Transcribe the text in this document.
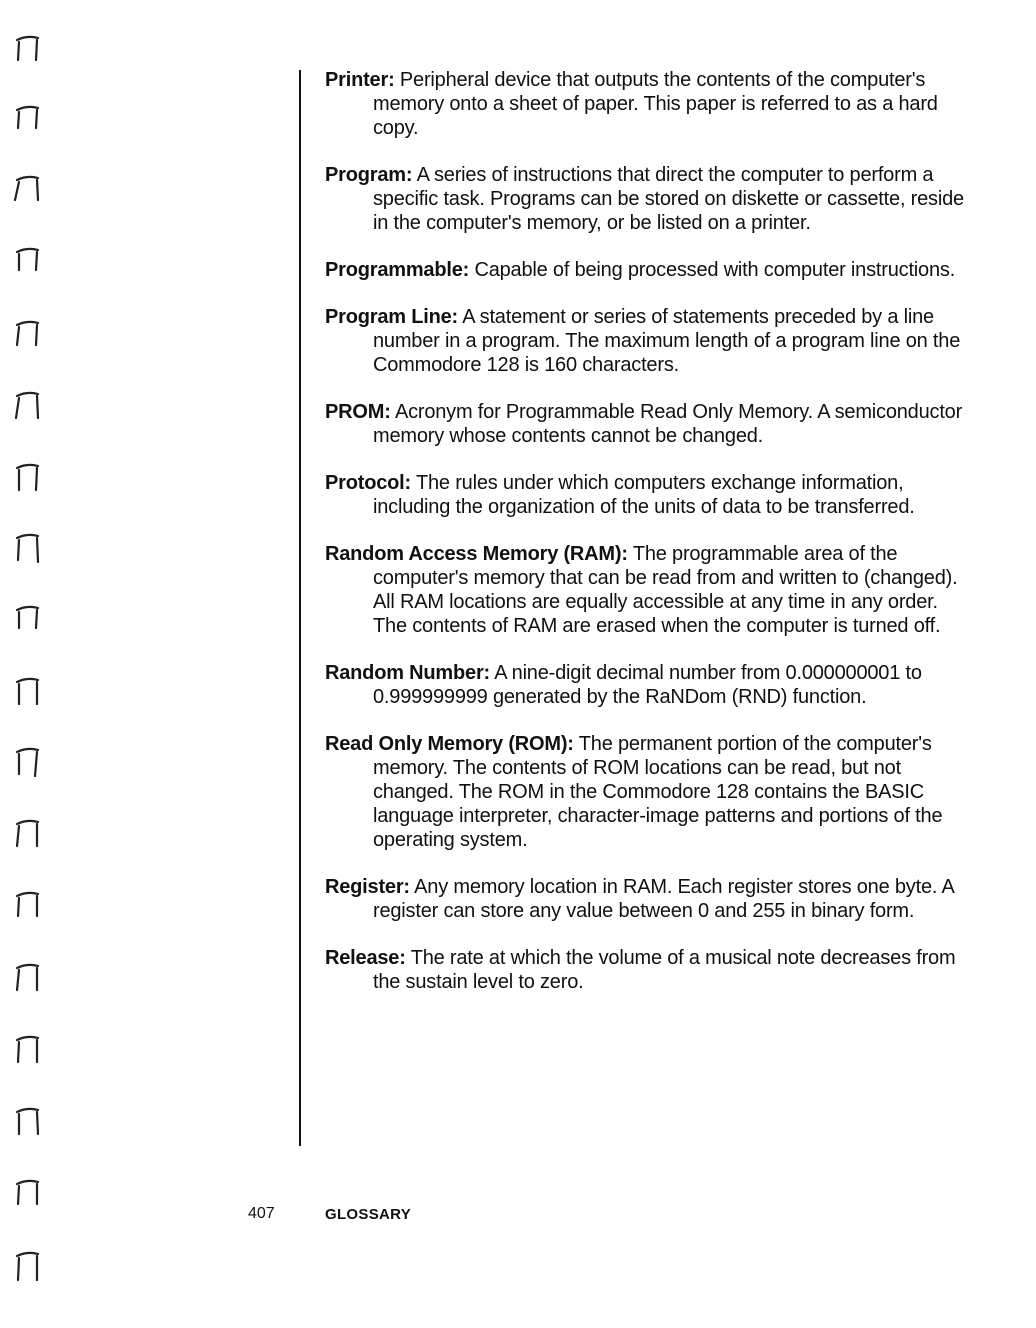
Printer: Peripheral device that outputs the contents of the computer's memory onto a sheet of paper. This paper is referred to as a hard copy.

Program: A series of instructions that direct the computer to perform a specific task. Programs can be stored on diskette or cassette, reside in the computer's memory, or be listed on a printer.

Programmable: Capable of being processed with computer instructions.

Program Line: A statement or series of statements preceded by a line number in a program. The maximum length of a program line on the Commodore 128 is 160 characters.

PROM: Acronym for Programmable Read Only Memory. A semiconductor memory whose contents cannot be changed.

Protocol: The rules under which computers exchange information, including the organization of the units of data to be transferred.

Random Access Memory (RAM): The programmable area of the computer's memory that can be read from and written to (changed). All RAM locations are equally accessible at any time in any order. The contents of RAM are erased when the computer is turned off.

Random Number: A nine-digit decimal number from 0.000000001 to 0.999999999 generated by the RaNDom (RND) function.

Read Only Memory (ROM): The permanent portion of the computer's memory. The contents of ROM locations can be read, but not changed. The ROM in the Commodore 128 contains the BASIC language interpreter, character-image patterns and portions of the operating system.

Register: Any memory location in RAM. Each register stores one byte. A register can store any value between 0 and 255 in binary form.

Release: The rate at which the volume of a musical note decreases from the sustain level to zero.

407	GLOSSARY
